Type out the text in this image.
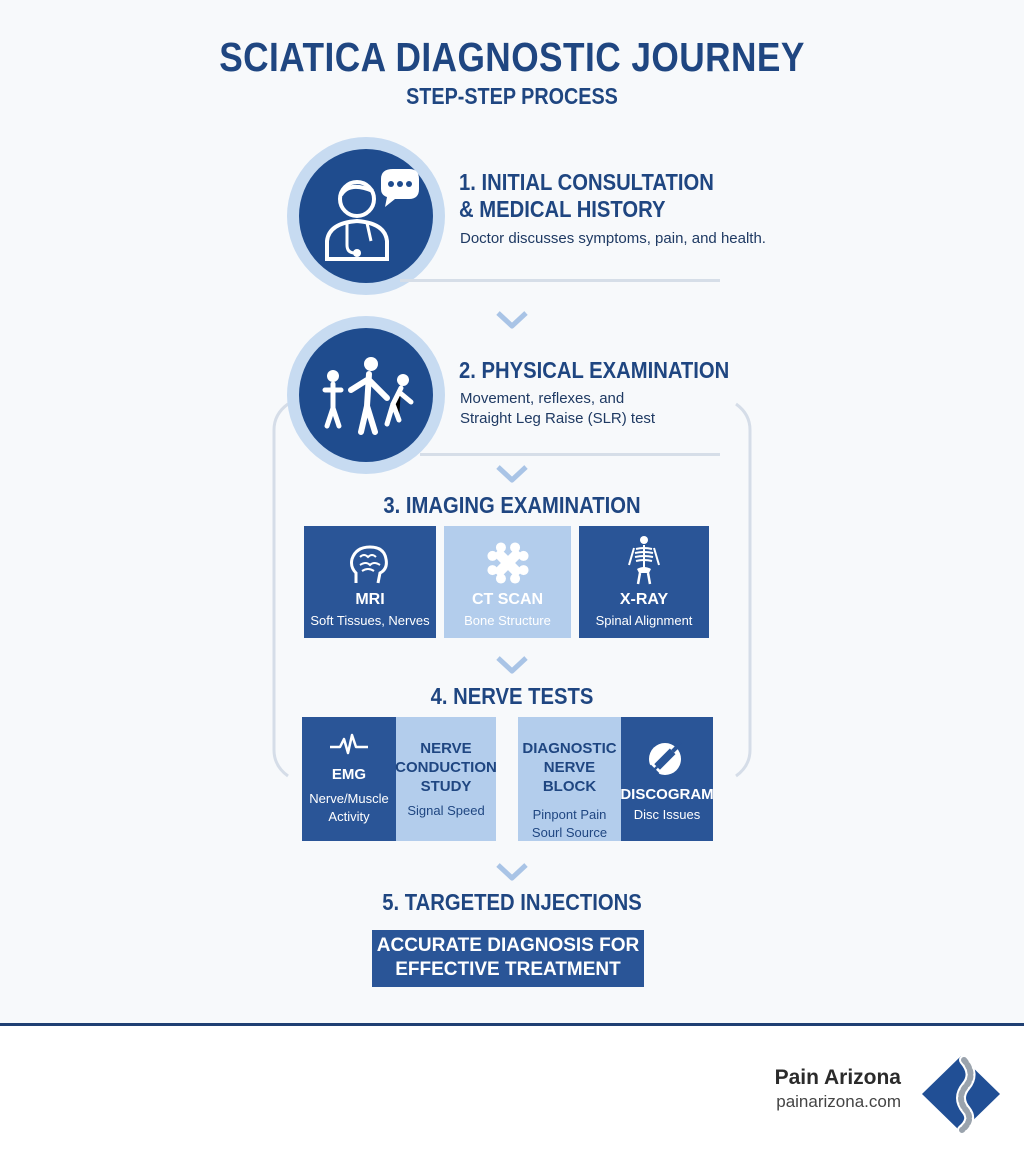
SCIATICA DIAGNOSTIC JOURNEY
STEP-STEP PROCESS
1. INITIAL CONSULTATION
& MEDICAL HISTORY
Doctor discusses symptoms, pain, and health.
2. PHYSICAL EXAMINATION
Movement, reflexes, and
Straight Leg Raise (SLR) test
3. IMAGING EXAMINATION
MRI
Soft Tissues, Nerves
CT SCAN
Bone Structure
X-RAY
Spinal Alignment
4. NERVE TESTS
EMG
Nerve/Muscle
Activity
NERVE
CONDUCTION
STUDY
Signal Speed
DIAGNOSTIC
NERVE BLOCK
Pinpont Pain
Sourl Source
DISCOGRAM
Disc Issues
5. TARGETED INJECTIONS
ACCURATE DIAGNOSIS FOR
EFFECTIVE TREATMENT
Pain Arizona
painarizona.com
